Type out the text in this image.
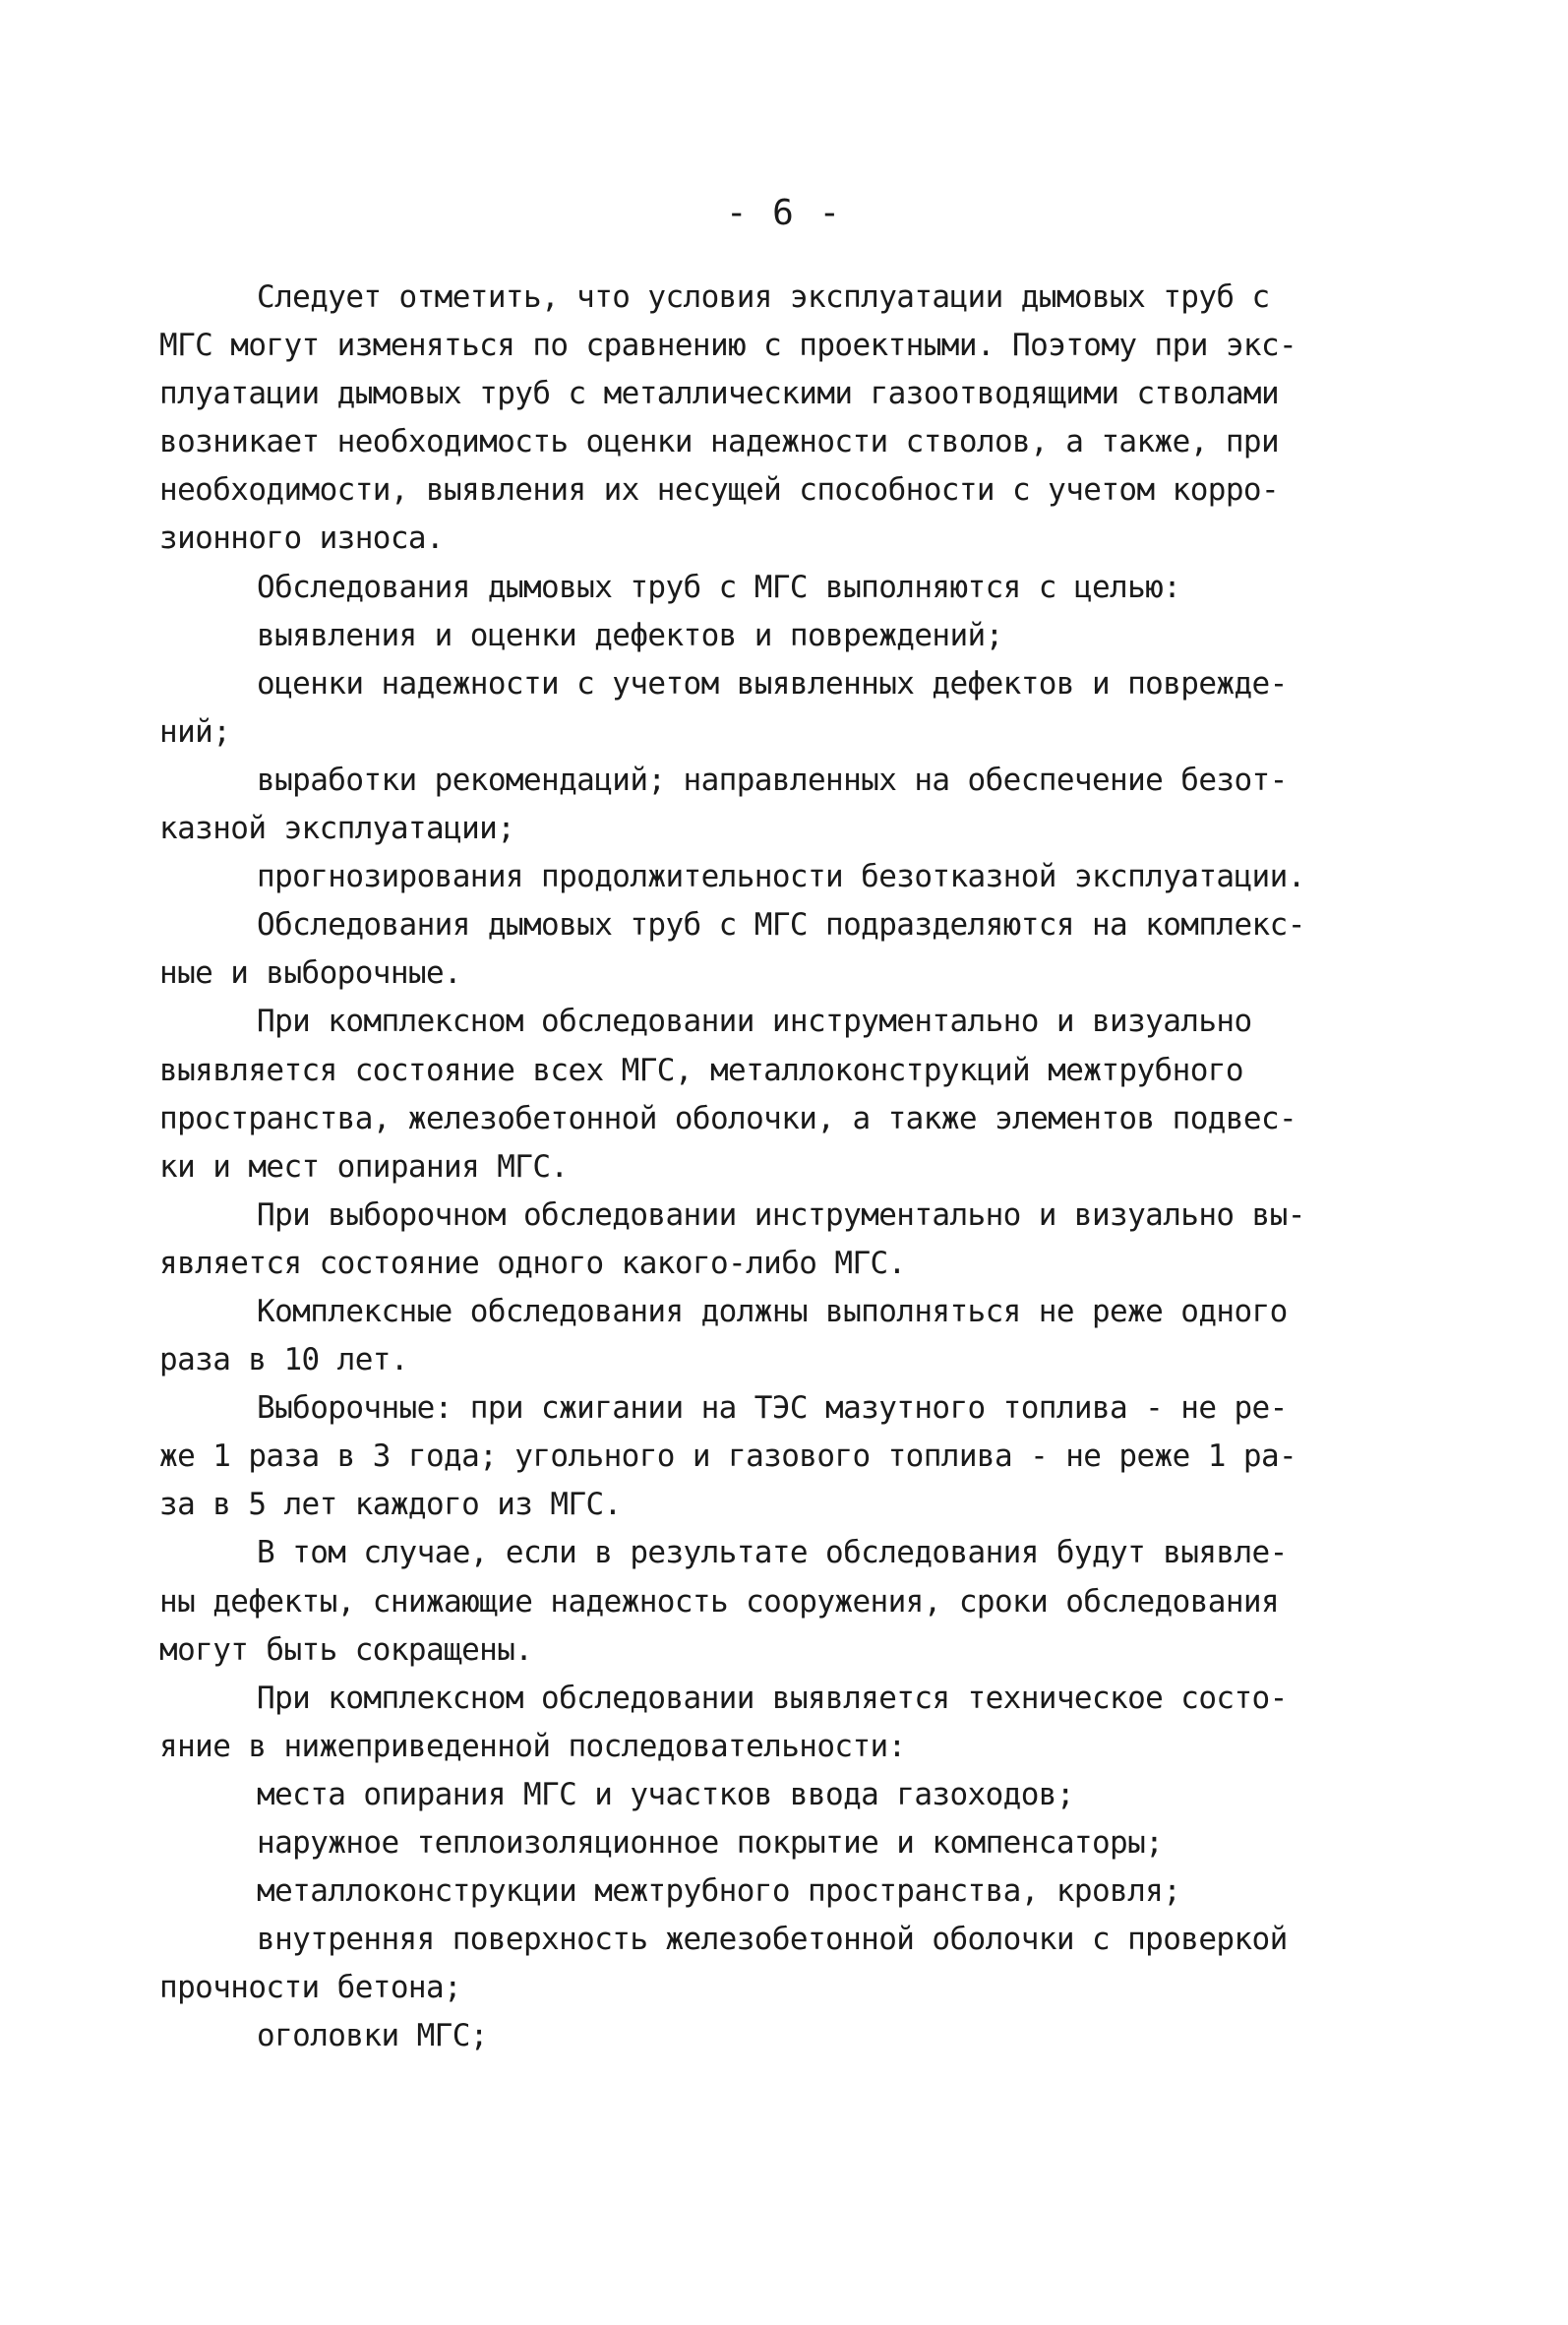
- 6 -
Следует отметить, что условия эксплуатации дымовых труб с
МГС могут изменяться по сравнению с проектными. Поэтому при экс-
плуатации дымовых труб с металлическими газоотводящими стволами
возникает необходимость оценки надежности стволов, а также, при
необходимости, выявления их несущей способности с учетом корро-
зионного износа.
Обследования дымовых труб с МГС выполняются с целью:
выявления и оценки дефектов и повреждений;
оценки надежности с учетом выявленных дефектов и поврежде-
ний;
выработки рекомендаций; направленных на обеспечение безот-
казной эксплуатации;
прогнозирования продолжительности безотказной эксплуатации.
Обследования дымовых труб с МГС подразделяются на комплекс-
ные и выборочные.
При комплексном обследовании инструментально и визуально
выявляется состояние всех МГС, металлоконструкций межтрубного
пространства, железобетонной оболочки, а также элементов подвес-
ки и мест опирания МГС.
При выборочном обследовании инструментально и визуально вы-
является состояние одного какого-либо МГС.
Комплексные обследования должны выполняться не реже одного
раза в 10 лет.
Выборочные: при сжигании на ТЭС мазутного топлива - не ре-
же 1 раза в 3 года; угольного и газового топлива - не реже 1 ра-
за в 5 лет каждого из МГС.
В том случае, если в результате обследования будут выявле-
ны дефекты, снижающие надежность сооружения, сроки обследования
могут быть сокращены.
При комплексном обследовании выявляется техническое состо-
яние в нижеприведенной последовательности:
места опирания МГС и участков ввода газоходов;
наружное теплоизоляционное покрытие и компенсаторы;
металлоконструкции межтрубного пространства, кровля;
внутренняя поверхность железобетонной оболочки с проверкой
прочности бетона;
оголовки МГС;
